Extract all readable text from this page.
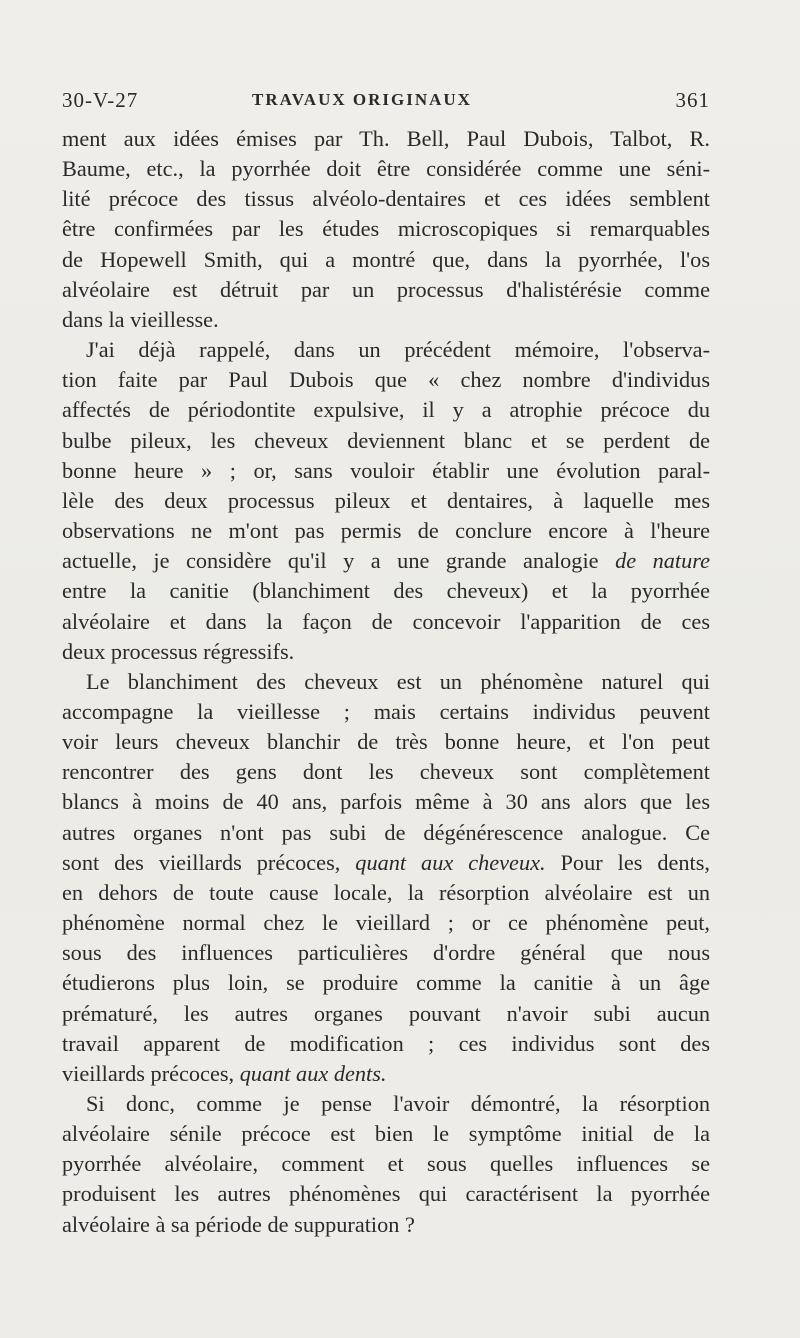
30-V-27	TRAVAUX ORIGINAUX	361
ment aux idées émises par Th. Bell, Paul Dubois, Talbot, R.
Baume, etc., la pyorrhée doit être considérée comme une séni-
lité précoce des tissus alvéolo-dentaires et ces idées semblent
être confirmées par les études microscopiques si remarquables
de Hopewell Smith, qui a montré que, dans la pyorrhée, l'os
alvéolaire est détruit par un processus d'halistérésie comme
dans la vieillesse.
J'ai déjà rappelé, dans un précédent mémoire, l'observa-
tion faite par Paul Dubois que « chez nombre d'individus
affectés de périodontite expulsive, il y a atrophie précoce du
bulbe pileux, les cheveux deviennent blanc et se perdent de
bonne heure » ; or, sans vouloir établir une évolution paral-
lèle des deux processus pileux et dentaires, à laquelle mes
observations ne m'ont pas permis de conclure encore à l'heure
actuelle, je considère qu'il y a une grande analogie de nature
entre la canitie (blanchiment des cheveux) et la pyorrhée
alvéolaire et dans la façon de concevoir l'apparition de ces
deux processus régressifs.
Le blanchiment des cheveux est un phénomène naturel qui
accompagne la vieillesse ; mais certains individus peuvent
voir leurs cheveux blanchir de très bonne heure, et l'on peut
rencontrer des gens dont les cheveux sont complètement
blancs à moins de 40 ans, parfois même à 30 ans alors que les
autres organes n'ont pas subi de dégénérescence analogue. Ce
sont des vieillards précoces, quant aux cheveux. Pour les dents,
en dehors de toute cause locale, la résorption alvéolaire est un
phénomène normal chez le vieillard ; or ce phénomène peut,
sous des influences particulières d'ordre général que nous
étudierons plus loin, se produire comme la canitie à un âge
prématuré, les autres organes pouvant n'avoir subi aucun
travail apparent de modification ; ces individus sont des
vieillards précoces, quant aux dents.
Si donc, comme je pense l'avoir démontré, la résorption
alvéolaire sénile précoce est bien le symptôme initial de la
pyorrhée alvéolaire, comment et sous quelles influences se
produisent les autres phénomènes qui caractérisent la pyorrhée
alvéolaire à sa période de suppuration ?
